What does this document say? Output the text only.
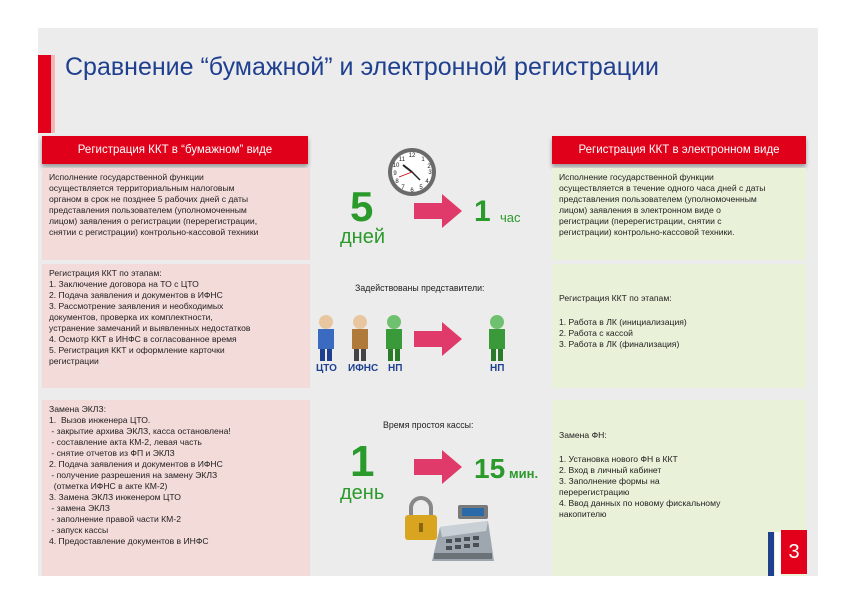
Сравнение “бумажной” и электронной регистрации
Регистрация ККТ в “бумажном” виде	Регистрация ККТ в электронном виде
Исполнение государственной функции
осуществляется территориальным налоговым
органом в срок не позднее 5 рабочих дней с даты
представления пользователем (уполномоченным
лицом) заявления о регистрации (перерегистрации,
снятии с регистрации) контрольно-кассовой техники
Регистрация ККТ по этапам:
1. Заключение договора на ТО с ЦТО
2. Подача заявления и документов в ИФНС
3. Рассмотрение заявления и необходимых
документов, проверка их комплектности,
устранение замечаний и выявленных недостатков
4. Осмотр ККТ в ИНФС в согласованное время
5. Регистрация ККТ и оформление карточки
регистрации
Замена ЭКЛЗ:
1.  Вызов инженера ЦТО.
- закрытие архива ЭКЛЗ, касса остановлена!
- составление акта КМ-2, левая часть
- снятие отчетов из ФП и ЭКЛЗ
2. Подача заявления и документов в ИФНС
- получение разрешения на замену ЭКЛЗ
(отметка ИФНС в акте КМ-2)
3. Замена ЭКЛЗ инженером ЦТО
- замена ЭКЛЗ
- заполнение правой части КМ-2
- запуск кассы
4. Предоставление документов в ИНФС
Исполнение государственной функции
осуществляется в течение одного часа дней с даты
представления пользователем (уполномоченным
лицом) заявления в электронном виде о
регистрации (перерегистрации, снятии с
регистрации) контрольно-кассовой техники.
Регистрация ККТ по этапам:
1. Работа в ЛК (инициализация)
2. Работа с кассой
3. Работа в ЛК (финализация)
Замена ФН:
1. Установка нового ФН в ККТ
2. Вход в личный кабинет
3. Заполнение формы на
перерегистрацию
4. Ввод данных по новому фискальному
накопителю
12
1
2
3
4
5
6
7
8
9
10
11
5
дней
1 час
Задействованы представители:
ЦТО ИФНС НП	НП
Время простоя кассы:
1
день
15 мин.
3
